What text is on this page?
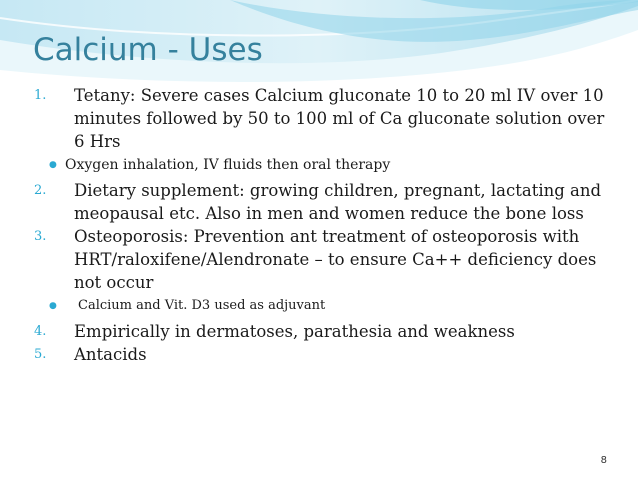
Calcium - Uses
1.	Tetany: Severe cases Calcium gluconate 10 to 20 ml IV over 10 minutes followed by 50 to 100 ml of Ca gluconate solution over 6 Hrs
● Oxygen inhalation, IV fluids then oral therapy
2.	Dietary supplement: growing children, pregnant, lactating and meopausal etc. Also in men and women reduce the bone loss
3.	Osteoporosis: Prevention ant treatment of osteoporosis with HRT/raloxifene/Alendronate – to ensure Ca++ deficiency does not occur
●	Calcium and Vit. D3 used as adjuvant
4.	Empirically in dermatoses, parathesia and weakness
5.	Antacids
8
